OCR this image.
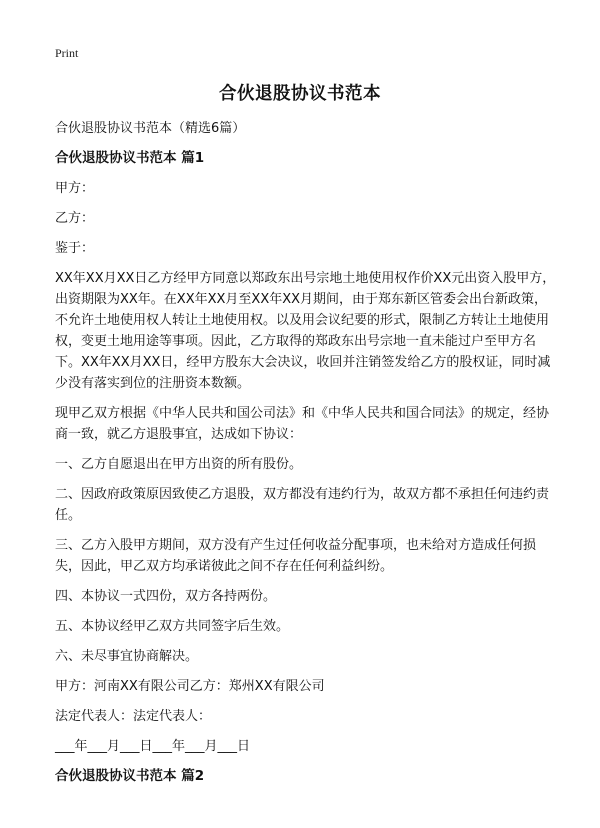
Print
合伙退股协议书范本

合伙退股协议书范本（精选6篇）

合伙退股协议书范本 篇1

甲方：

乙方：

鉴于：

XX年XX月XX日乙方经甲方同意以郑政东出号宗地土地使用权作价XX元出资入股甲方，出资期限为XX年。在XX年XX月至XX年XX月期间，由于郑东新区管委会出台新政策，不允许土地使用权人转让土地使用权。以及用会议纪要的形式，限制乙方转让土地使用权，变更土地用途等事项。因此，乙方取得的郑政东出号宗地一直未能过户至甲方名下。XX年XX月XX日，经甲方股东大会决议，收回并注销签发给乙方的股权证，同时减少没有落实到位的注册资本数额。

现甲乙双方根据《中华人民共和国公司法》和《中华人民共和国合同法》的规定，经协商一致，就乙方退股事宜，达成如下协议：

一、乙方自愿退出在甲方出资的所有股份。

二、因政府政策原因致使乙方退股，双方都没有违约行为，故双方都不承担任何违约责任。

三、乙方入股甲方期间，双方没有产生过任何收益分配事项，也未给对方造成任何损失，因此，甲乙双方均承诺彼此之间不存在任何利益纠纷。

四、本协议一式四份，双方各持两份。

五、本协议经甲乙双方共同签字后生效。

六、未尽事宜协商解决。

甲方：河南XX有限公司乙方：郑州XX有限公司

法定代表人：法定代表人：

___年___月___日___年___月___日

合伙退股协议书范本 篇2
